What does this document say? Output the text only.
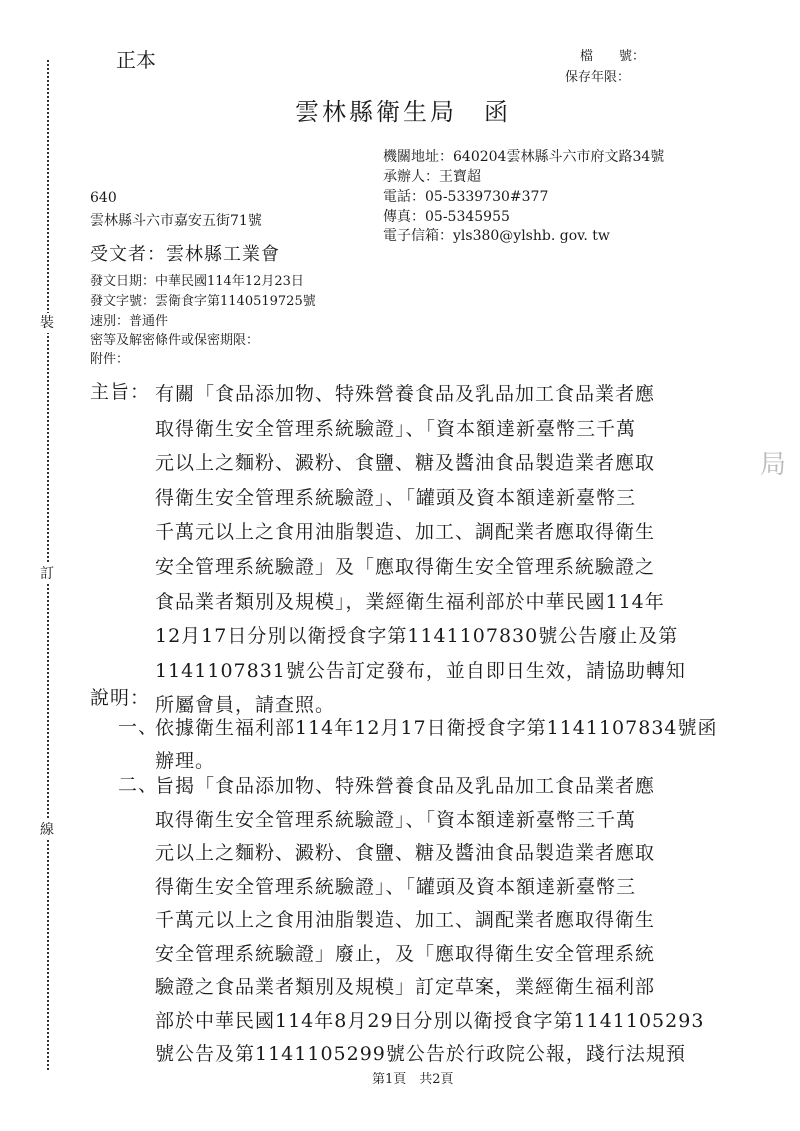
裝
訂
線
局
正本	檔　　號：
保存年限：
雲林縣衛生局　函
機關地址：640204雲林縣斗六市府文路34號
承辦人：王寶超
電話：05-5339730#377
傳真：05-5345955
電子信箱：yls380@ylshb. gov. tw
640
雲林縣斗六市嘉安五街71號
受文者：雲林縣工業會
發文日期：中華民國114年12月23日
發文字號：雲衛食字第1140519725號
速別：普通件
密等及解密條件或保密期限：
附件：
主旨： 有關「食品添加物、特殊營養食品及乳品加工食品業者應
取得衛生安全管理系統驗證」、「資本額達新臺幣三千萬
元以上之麵粉、澱粉、食鹽、糖及醬油食品製造業者應取
得衛生安全管理系統驗證」、「罐頭及資本額達新臺幣三
千萬元以上之食用油脂製造、加工、調配業者應取得衛生
安全管理系統驗證」及「應取得衛生安全管理系統驗證之
食品業者類別及規模」，業經衛生福利部於中華民國114年
12月17日分別以衛授食字第1141107830號公告廢止及第
1141107831號公告訂定發布，並自即日生效，請協助轉知
所屬會員，請查照。
說明：
一、
依據衛生福利部114年12月17日衛授食字第1141107834號函
辦理。
二、
旨揭「食品添加物、特殊營養食品及乳品加工食品業者應
取得衛生安全管理系統驗證」、「資本額達新臺幣三千萬
元以上之麵粉、澱粉、食鹽、糖及醬油食品製造業者應取
得衛生安全管理系統驗證」、「罐頭及資本額達新臺幣三
千萬元以上之食用油脂製造、加工、調配業者應取得衛生
安全管理系統驗證」廢止，及「應取得衛生安全管理系統
驗證之食品業者類別及規模」訂定草案，業經衛生福利部
部於中華民國114年8月29日分別以衛授食字第1141105293
號公告及第1141105299號公告於行政院公報，踐行法規預
第1頁　共2頁
